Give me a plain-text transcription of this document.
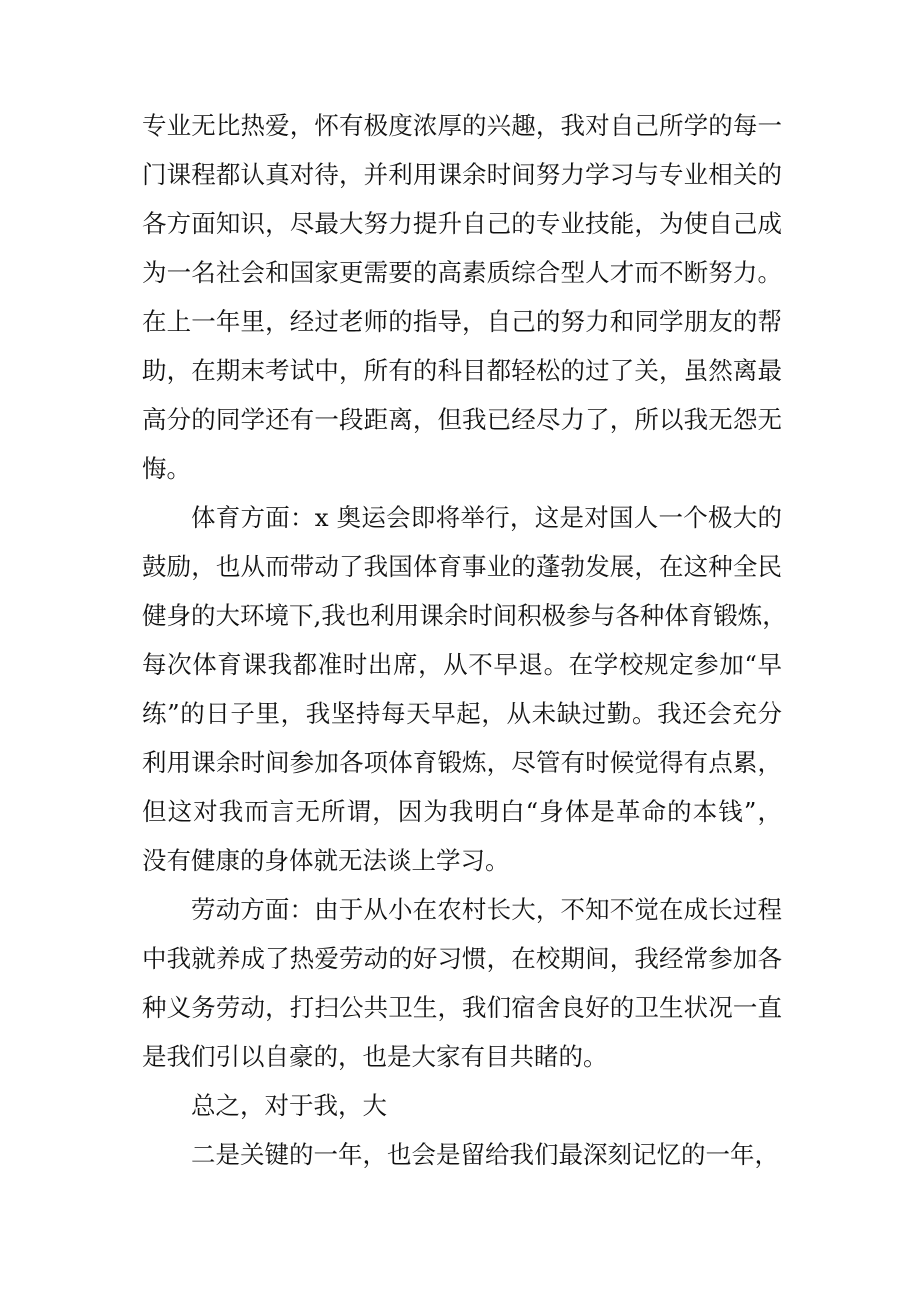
专业无比热爱，怀有极度浓厚的兴趣，我对自己所学的每一
门课程都认真对待，并利用课余时间努力学习与专业相关的
各方面知识，尽最大努力提升自己的专业技能，为使自己成
为一名社会和国家更需要的高素质综合型人才而不断努力。
在上一年里，经过老师的指导，自己的努力和同学朋友的帮
助，在期末考试中，所有的科目都轻松的过了关，虽然离最
高分的同学还有一段距离，但我已经尽力了，所以我无怨无
悔。
体育方面：x 奥运会即将举行，这是对国人一个极大的
鼓励，也从而带动了我国体育事业的蓬勃发展，在这种全民
健身的大环境下,我也利用课余时间积极参与各种体育锻炼，
每次体育课我都准时出席，从不早退。在学校规定参加“早
练”的日子里，我坚持每天早起，从未缺过勤。我还会充分
利用课余时间参加各项体育锻炼，尽管有时候觉得有点累，
但这对我而言无所谓，因为我明白“身体是革命的本钱”，
没有健康的身体就无法谈上学习。
劳动方面：由于从小在农村长大，不知不觉在成长过程
中我就养成了热爱劳动的好习惯，在校期间，我经常参加各
种义务劳动，打扫公共卫生，我们宿舍良好的卫生状况一直
是我们引以自豪的，也是大家有目共睹的。
总之，对于我，大
二是关键的一年，也会是留给我们最深刻记忆的一年，
